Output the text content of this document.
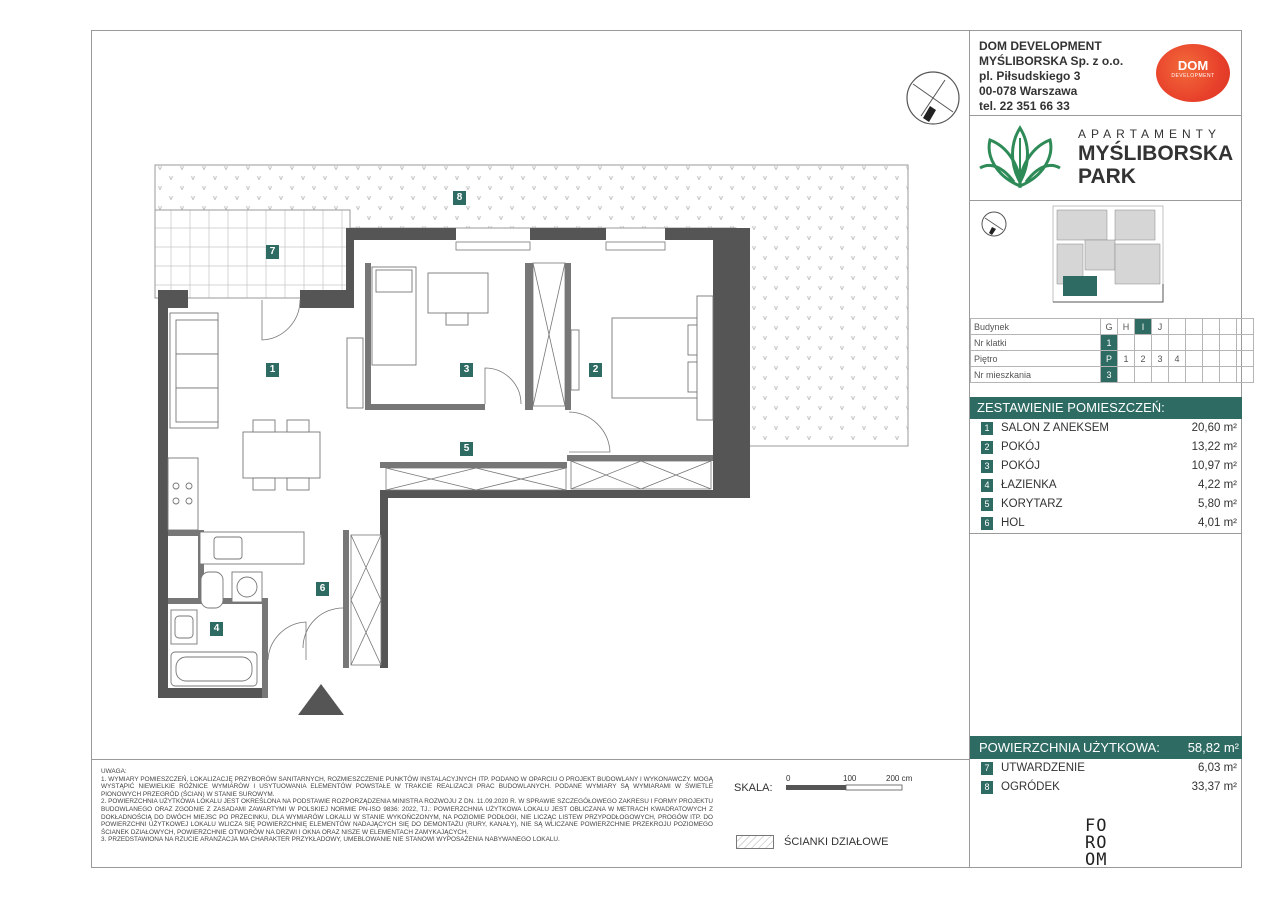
1	2
3
4
5
6
7
8
DOM DEVELOPMENT
MYŚLIBORSKA Sp. z o.o.
pl. Piłsudskiego 3
00-078 Warszawa
tel. 22 351 66 33
DOM
DEVELOPMENT
APARTAMENTY
MYŚLIBORSKA
PARK
Budynek	G	H	I	J					
Nr klatki	1								
Piętro	P	1	2	3	4				
Nr mieszkania	3								
ZESTAWIENIE POMIESZCZEŃ:
1	SALON Z ANEKSEM	20,60 m²
2	POKÓJ	13,22 m²
3	POKÓJ	10,97 m²
4	ŁAZIENKA	4,22 m²
5	KORYTARZ	5,80 m²
6	HOL	4,01 m²
POWIERZCHNIA UŻYTKOWA: 58,82 m²
7	UTWARDZENIE	6,03 m²
8	OGRÓDEK	33,37 m²

UWAGA:

1. WYMIARY POMIESZCZEŃ, LOKALIZACJĘ PRZYBORÓW SANITARNYCH, ROZMIESZCZENIE PUNKTÓW INSTALACYJNYCH ITP. PODANO W OPARCIU O PROJEKT BUDOWLANY I WYKONAWCZY. MOGĄ WYSTĄPIĆ NIEWIELKIE RÓŻNICE WYMIARÓW I USYTUOWANIA ELEMENTÓW POWSTAŁE W TRAKCIE REALIZACJI PRAC BUDOWLANYCH. PODANE WYMIARY SĄ WYMIARAMI W ŚWIETLE PIONOWYCH PRZEGRÓD (ŚCIAN) W STANIE SUROWYM.

2. POWIERZCHNIA UŻYTKOWA LOKALU JEST OKREŚLONA NA PODSTAWIE ROZPORZĄDZENIA MINISTRA ROZWOJU Z DN. 11.09.2020 R. W SPRAWIE SZCZEGÓŁOWEGO ZAKRESU I FORMY PROJEKTU BUDOWLANEGO ORAZ ZGODNIE Z ZASADAMI ZAWARTYMI W POLSKIEJ NORMIE PN-ISO 9836: 2022, TJ.: POWIERZCHNIA UŻYTKOWA LOKALU JEST OBLICZANA W METRACH KWADRATOWYCH Z DOKŁADNOŚCIĄ DO DWÓCH MIEJSC PO PRZECINKU, DLA WYMIARÓW LOKALU W STANIE WYKOŃCZONYM, NA POZIOMIE PODŁOGI, NIE LICZĄC LISTEW PRZYPODŁOGOWYCH, PROGÓW ITP. DO POWIERZCHNI UŻYTKOWEJ LOKALU WLICZA SIĘ POWIERZCHNIĘ ELEMENTÓW NADAJĄCYCH SIĘ DO DEMONTAŻU (RURY, KANAŁY), NIE SĄ WLICZANE POWIERZCHNIE PRZEKROJU POZIOMEGO ŚCIANEK DZIAŁOWYCH, POWIERZCHNIE OTWORÓW NA DRZWI I OKNA ORAZ NISZE W ELEMENTACH ZAMYKAJĄCYCH.

3. PRZEDSTAWIONA NA RZUCIE ARANŻACJA MA CHARAKTER PRZYKŁADOWY, UMEBLOWANIE NIE STANOWI WYPOSAŻENIA NABYWANEGO LOKALU.

SKALA:
0	100	200 cm
ŚCIANKI DZIAŁOWE
FO
RO
OM
